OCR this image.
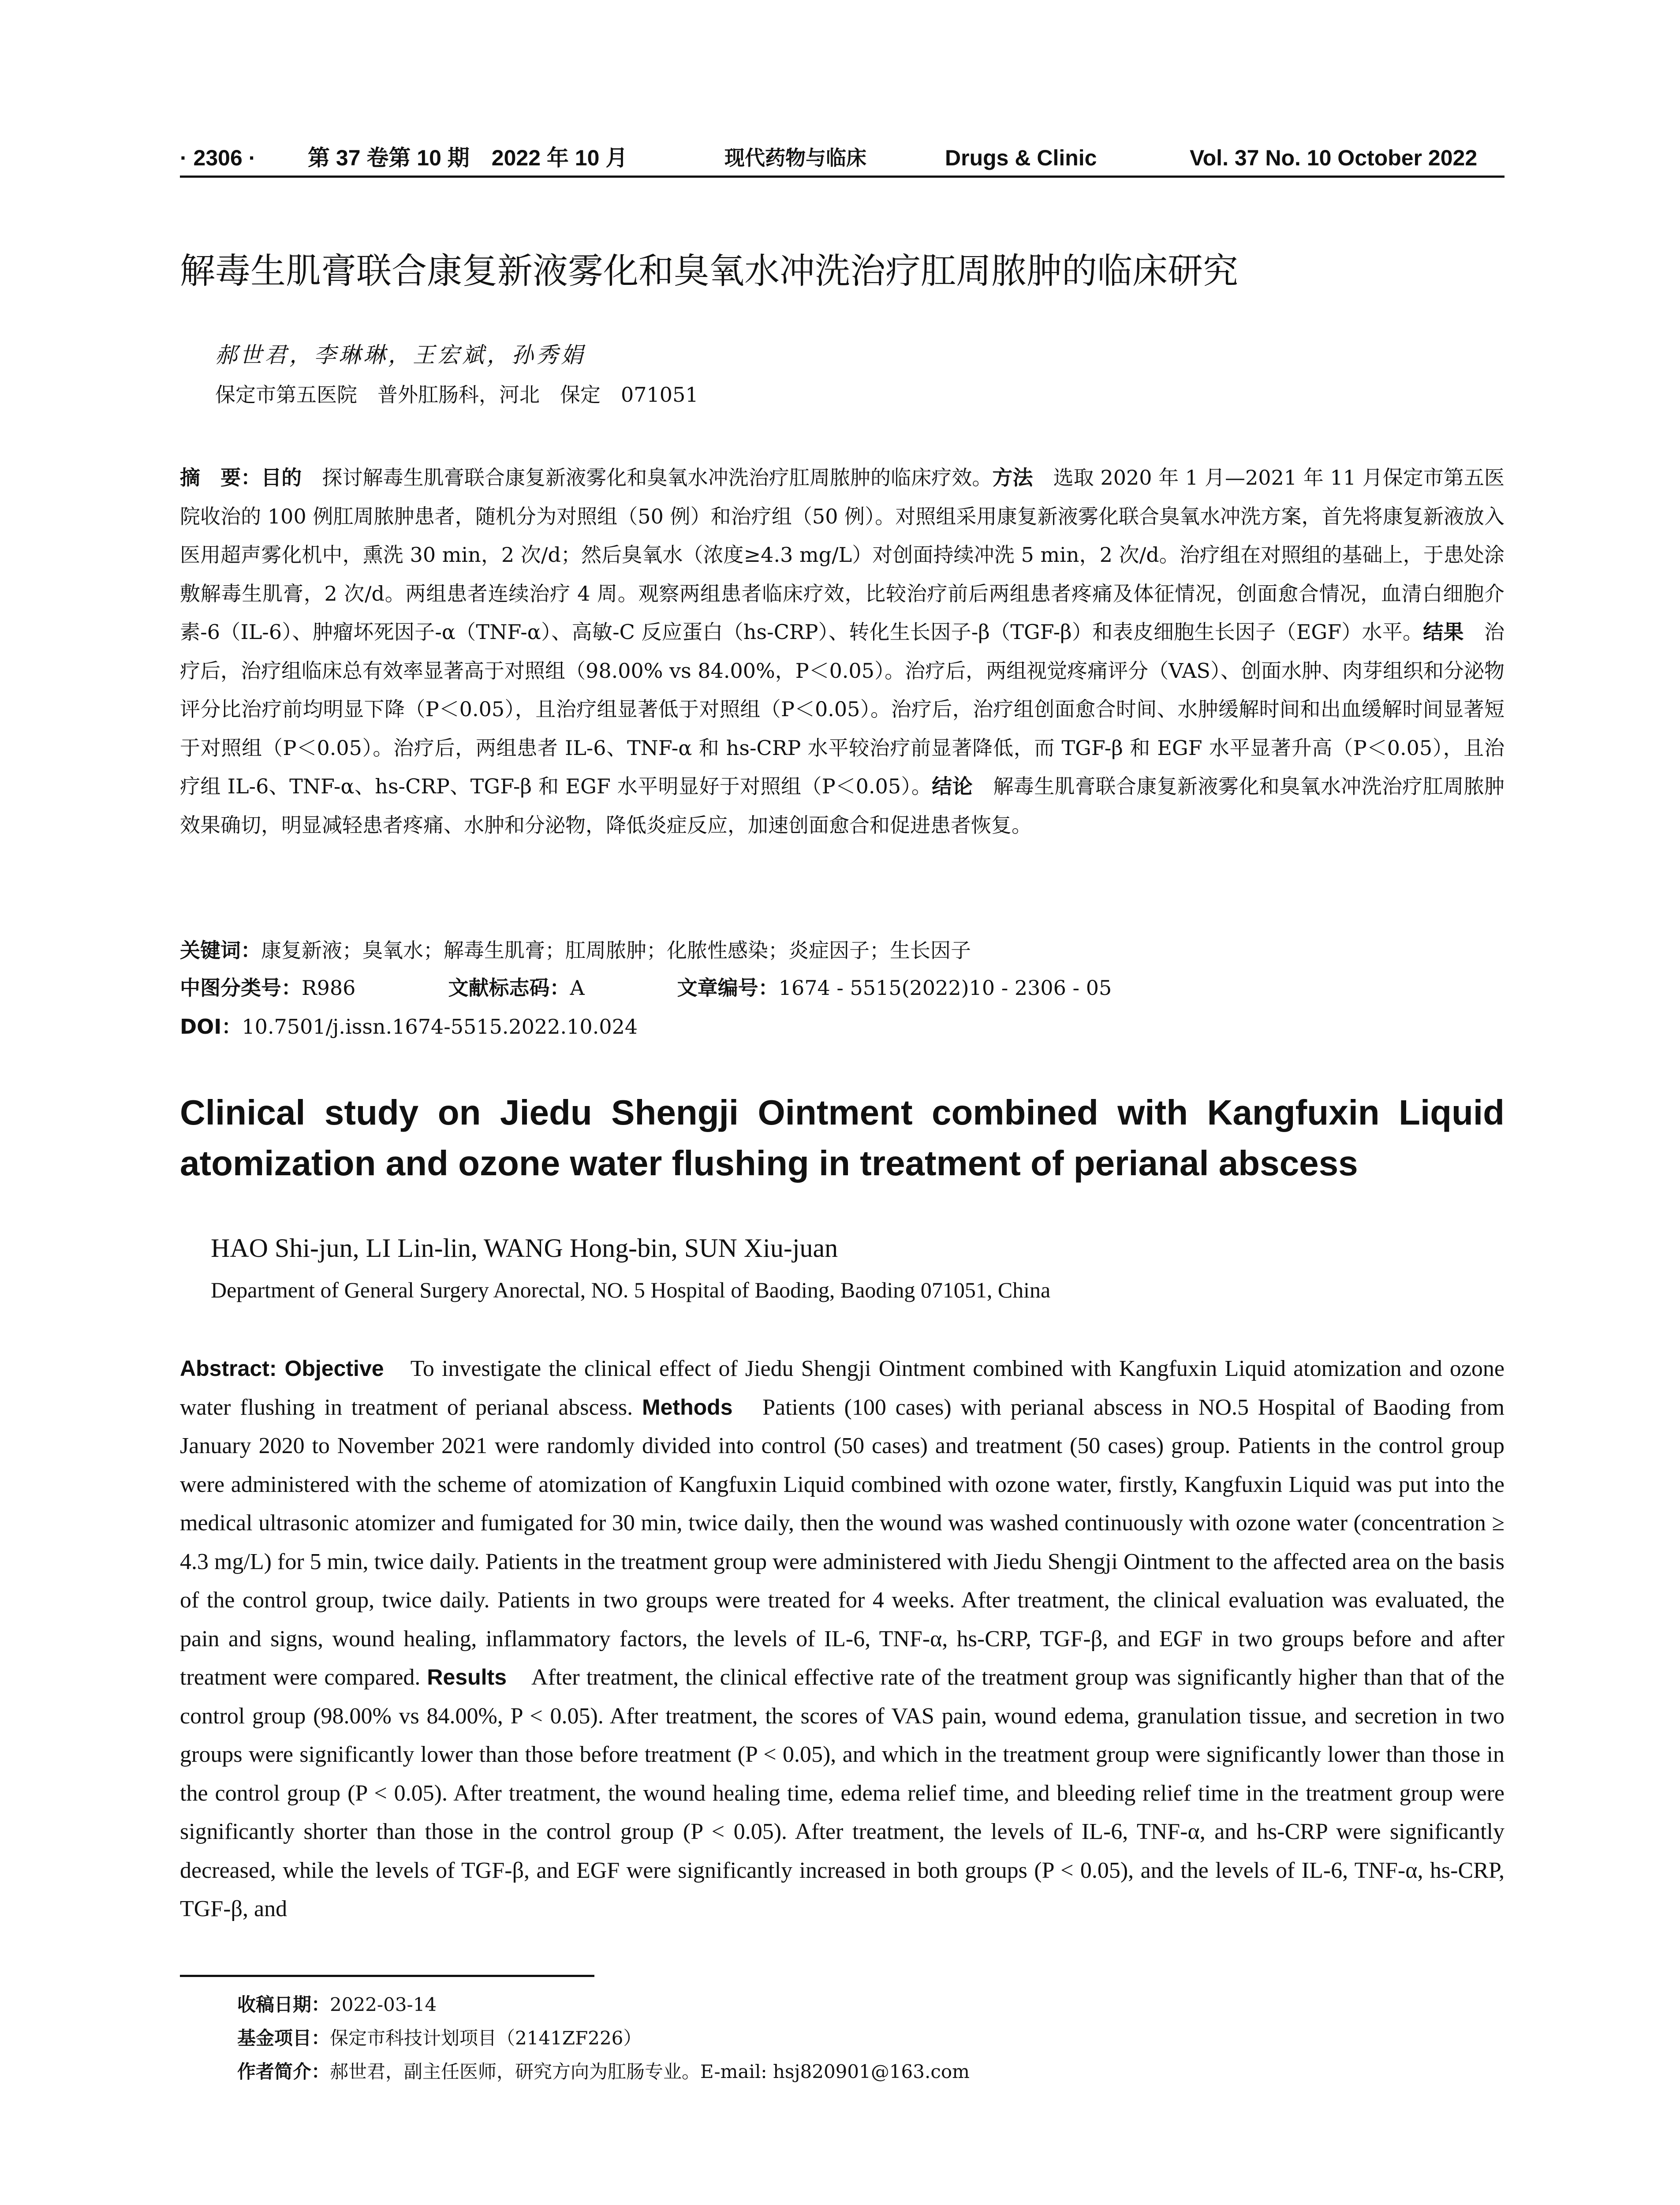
· 2306 · 第 37 卷第 10 期　2022 年 10 月	现代药物与临床	Drugs & Clinic	Vol. 37 No. 10 October 2022
解毒生肌膏联合康复新液雾化和臭氧水冲洗治疗肛周脓肿的临床研究
郝世君，李琳琳，王宏斌，孙秀娟
保定市第五医院　普外肛肠科，河北　保定　071051
摘　要：目的　探讨解毒生肌膏联合康复新液雾化和臭氧水冲洗治疗肛周脓肿的临床疗效。方法　选取 2020 年 1 月—2021 年 11 月保定市第五医院收治的 100 例肛周脓肿患者，随机分为对照组（50 例）和治疗组（50 例）。对照组采用康复新液雾化联合臭氧水冲洗方案，首先将康复新液放入医用超声雾化机中，熏洗 30 min，2 次/d；然后臭氧水（浓度≥4.3 mg/L）对创面持续冲洗 5 min，2 次/d。治疗组在对照组的基础上，于患处涂敷解毒生肌膏，2 次/d。两组患者连续治疗 4 周。观察两组患者临床疗效，比较治疗前后两组患者疼痛及体征情况，创面愈合情况，血清白细胞介素-6（IL-6）、肿瘤坏死因子-α（TNF-α）、高敏-C 反应蛋白（hs-CRP）、转化生长因子-β（TGF-β）和表皮细胞生长因子（EGF）水平。结果　治疗后，治疗组临床总有效率显著高于对照组（98.00% vs 84.00%，P＜0.05）。治疗后，两组视觉疼痛评分（VAS）、创面水肿、肉芽组织和分泌物评分比治疗前均明显下降（P＜0.05），且治疗组显著低于对照组（P＜0.05）。治疗后，治疗组创面愈合时间、水肿缓解时间和出血缓解时间显著短于对照组（P＜0.05）。治疗后，两组患者 IL-6、TNF-α 和 hs-CRP 水平较治疗前显著降低，而 TGF-β 和 EGF 水平显著升高（P＜0.05），且治疗组 IL-6、TNF-α、hs-CRP、TGF-β 和 EGF 水平明显好于对照组（P＜0.05）。结论　解毒生肌膏联合康复新液雾化和臭氧水冲洗治疗肛周脓肿效果确切，明显减轻患者疼痛、水肿和分泌物，降低炎症反应，加速创面愈合和促进患者恢复。
关键词：康复新液；臭氧水；解毒生肌膏；肛周脓肿；化脓性感染；炎症因子；生长因子
中图分类号：R986	文献标志码：A	文章编号：1674 - 5515(2022)10 - 2306 - 05
DOI：10.7501/j.issn.1674-5515.2022.10.024
Clinical study on Jiedu Shengji Ointment combined with Kangfuxin Liquid atomization and ozone water flushing in treatment of perianal abscess
HAO Shi-jun, LI Lin-lin, WANG Hong-bin, SUN Xiu-juan
Department of General Surgery Anorectal, NO. 5 Hospital of Baoding, Baoding 071051, China
Abstract: Objective　To investigate the clinical effect of Jiedu Shengji Ointment combined with Kangfuxin Liquid atomization and ozone water flushing in treatment of perianal abscess. Methods　Patients (100 cases) with perianal abscess in NO.5 Hospital of Baoding from January 2020 to November 2021 were randomly divided into control (50 cases) and treatment (50 cases) group. Patients in the control group were administered with the scheme of atomization of Kangfuxin Liquid combined with ozone water, firstly, Kangfuxin Liquid was put into the medical ultrasonic atomizer and fumigated for 30 min, twice daily, then the wound was washed continuously with ozone water (concentration ≥ 4.3 mg/L) for 5 min, twice daily. Patients in the treatment group were administered with Jiedu Shengji Ointment to the affected area on the basis of the control group, twice daily. Patients in two groups were treated for 4 weeks. After treatment, the clinical evaluation was evaluated, the pain and signs, wound healing, inflammatory factors, the levels of IL-6, TNF-α, hs-CRP, TGF-β, and EGF in two groups before and after treatment were compared. Results　After treatment, the clinical effective rate of the treatment group was significantly higher than that of the control group (98.00% vs 84.00%, P < 0.05). After treatment, the scores of VAS pain, wound edema, granulation tissue, and secretion in two groups were significantly lower than those before treatment (P < 0.05), and which in the treatment group were significantly lower than those in the control group (P < 0.05). After treatment, the wound healing time, edema relief time, and bleeding relief time in the treatment group were significantly shorter than those in the control group (P < 0.05). After treatment, the levels of IL-6, TNF-α, and hs-CRP were significantly decreased, while the levels of TGF-β, and EGF were significantly increased in both groups (P < 0.05), and the levels of IL-6, TNF-α, hs-CRP, TGF-β, and
收稿日期：2022-03-14
基金项目：保定市科技计划项目（2141ZF226）
作者简介：郝世君，副主任医师，研究方向为肛肠专业。E-mail: hsj820901@163.com
